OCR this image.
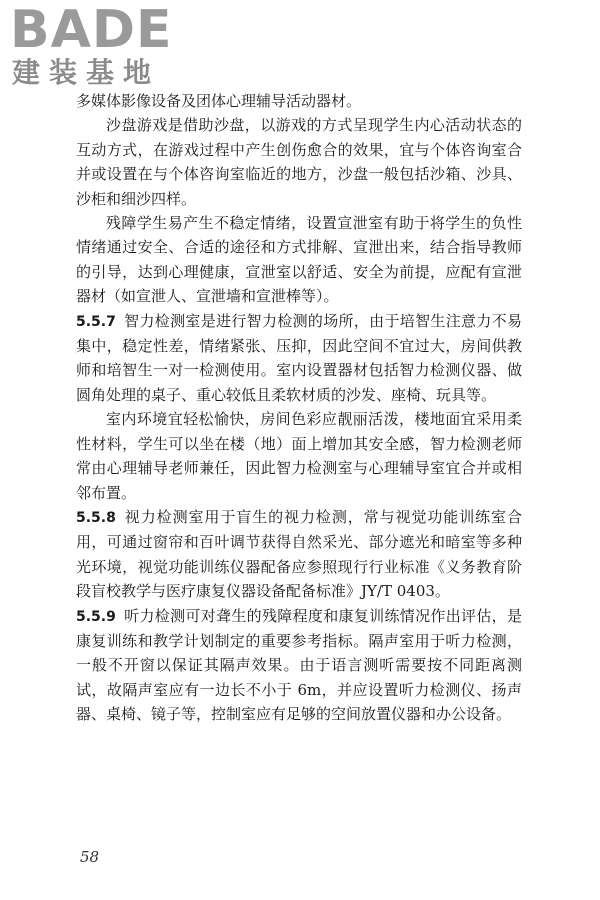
BADE
建装基地

多媒体影像设备及团体心理辅导活动器材。

沙盘游戏是借助沙盘，以游戏的方式呈现学生内心活动状态的互动方式，在游戏过程中产生创伤愈合的效果，宜与个体咨询室合并或设置在与个体咨询室临近的地方，沙盘一般包括沙箱、沙具、沙柜和细沙四样。

残障学生易产生不稳定情绪，设置宣泄室有助于将学生的负性情绪通过安全、合适的途径和方式排解、宣泄出来，结合指导教师的引导，达到心理健康，宣泄室以舒适、安全为前提，应配有宣泄器材（如宣泄人、宣泄墙和宣泄棒等）。

5.5.7 智力检测室是进行智力检测的场所，由于培智生注意力不易集中，稳定性差，情绪紧张、压抑，因此空间不宜过大，房间供教师和培智生一对一检测使用。室内设置器材包括智力检测仪器、做圆角处理的桌子、重心较低且柔软材质的沙发、座椅、玩具等。

室内环境宜轻松愉快，房间色彩应靓丽活泼，楼地面宜采用柔性材料，学生可以坐在楼（地）面上增加其安全感，智力检测老师常由心理辅导老师兼任，因此智力检测室与心理辅导室宜合并或相邻布置。

5.5.8 视力检测室用于盲生的视力检测，常与视觉功能训练室合用，可通过窗帘和百叶调节获得自然采光、部分遮光和暗室等多种光环境，视觉功能训练仪器配备应参照现行行业标准《义务教育阶段盲校教学与医疗康复仪器设备配备标准》JY/T 0403。

5.5.9 听力检测可对聋生的残障程度和康复训练情况作出评估，是康复训练和教学计划制定的重要参考指标。隔声室用于听力检测，一般不开窗以保证其隔声效果。由于语言测听需要按不同距离测试，故隔声室应有一边长不小于 6m，并应设置听力检测仪、扬声器、桌椅、镜子等，控制室应有足够的空间放置仪器和办公设备。

58
